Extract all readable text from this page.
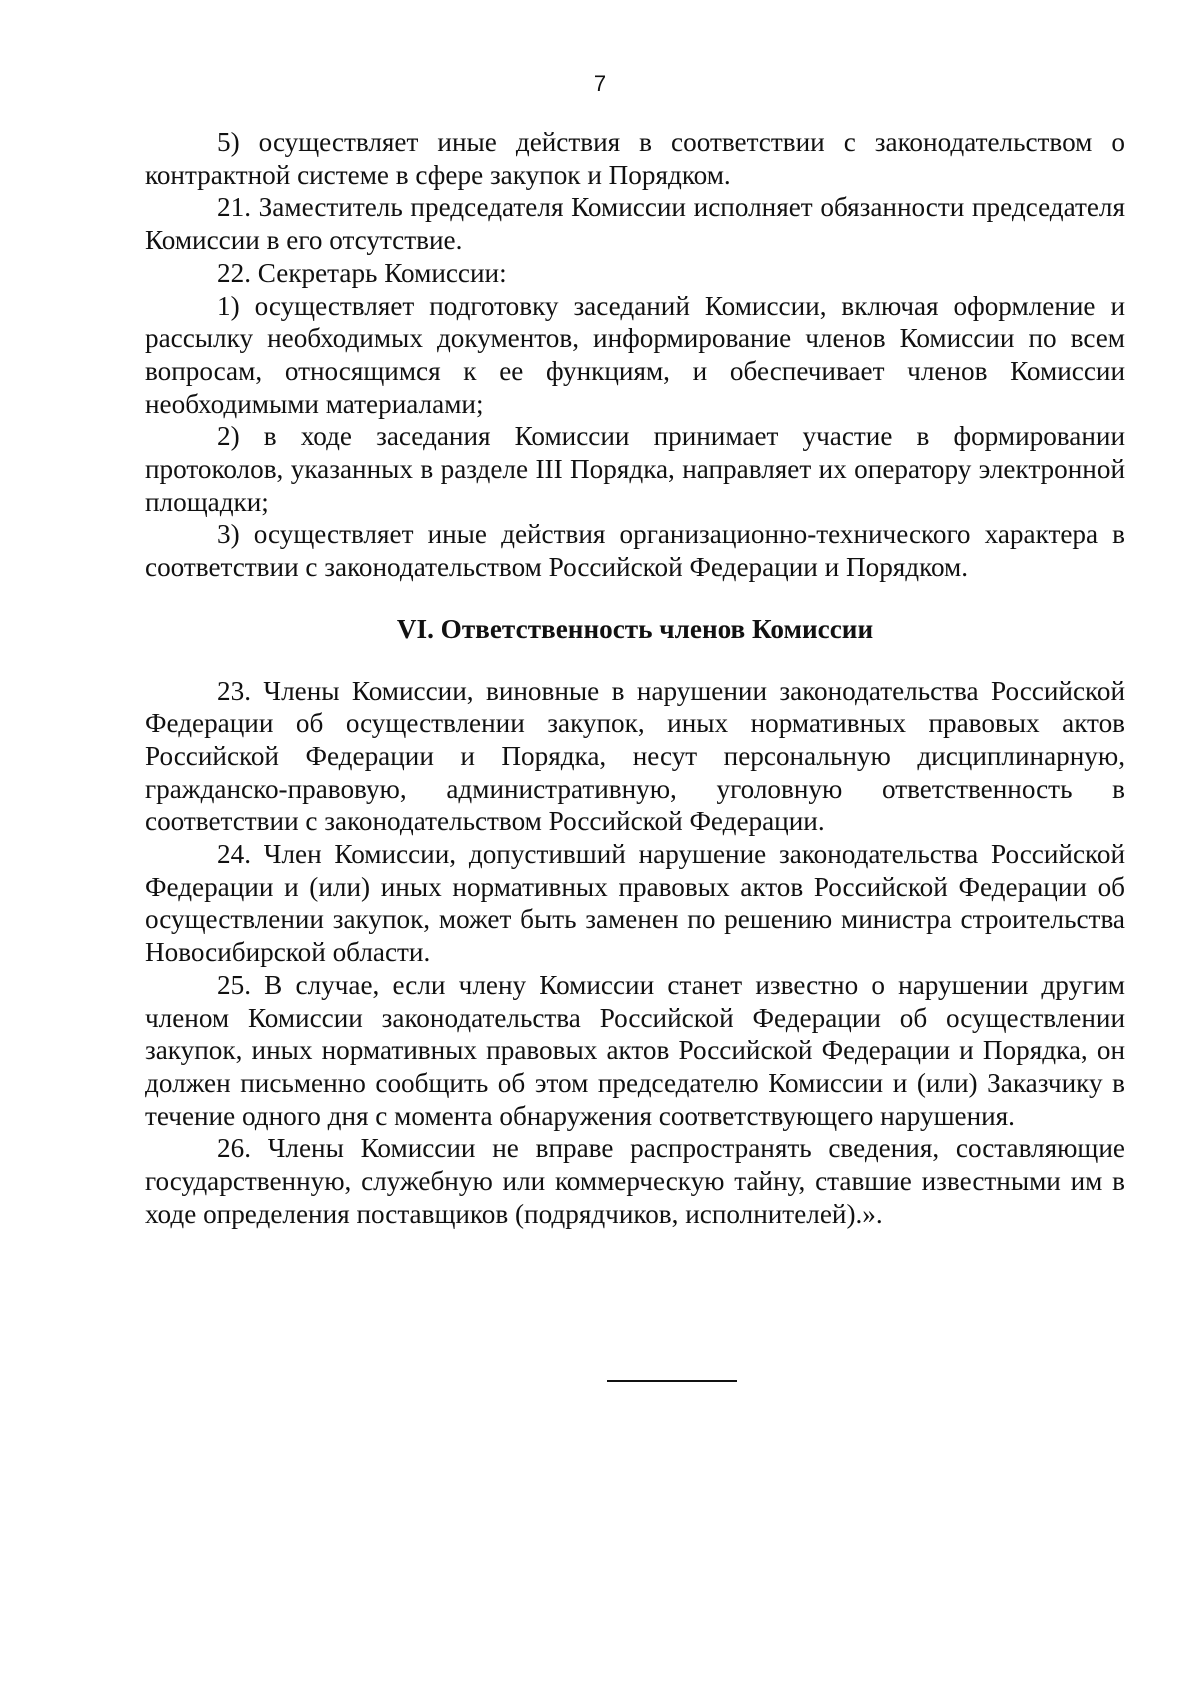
7

5) осуществляет иные действия в соответствии с законодательством о контрактной системе в сфере закупок и Порядком.

21. Заместитель председателя Комиссии исполняет обязанности председателя Комиссии в его отсутствие.

22. Секретарь Комиссии:

1) осуществляет подготовку заседаний Комиссии, включая оформление и рассылку необходимых документов, информирование членов Комиссии по всем вопросам, относящимся к ее функциям, и обеспечивает членов Комиссии необходимыми материалами;

2) в ходе заседания Комиссии принимает участие в формировании протоколов, указанных в разделе III Порядка, направляет их оператору электронной площадки;

3) осуществляет иные действия организационно-технического характера в соответствии с законодательством Российской Федерации и Порядком.

VI. Ответственность членов Комиссии

23. Члены Комиссии, виновные в нарушении законодательства Российской Федерации об осуществлении закупок, иных нормативных правовых актов Российской Федерации и Порядка, несут персональную дисциплинарную, гражданско-правовую, административную, уголовную ответственность в соответствии с законодательством Российской Федерации.

24. Член Комиссии, допустивший нарушение законодательства Российской Федерации и (или) иных нормативных правовых актов Российской Федерации об осуществлении закупок, может быть заменен по решению министра строительства Новосибирской области.

25. В случае, если члену Комиссии станет известно о нарушении другим членом Комиссии законодательства Российской Федерации об осуществлении закупок, иных нормативных правовых актов Российской Федерации и Порядка, он должен письменно сообщить об этом председателю Комиссии и (или) Заказчику в течение одного дня с момента обнаружения соответствующего нарушения.

26. Члены Комиссии не вправе распространять сведения, составляющие государственную, служебную или коммерческую тайну, ставшие известными им в ходе определения поставщиков (подрядчиков, исполнителей).».
